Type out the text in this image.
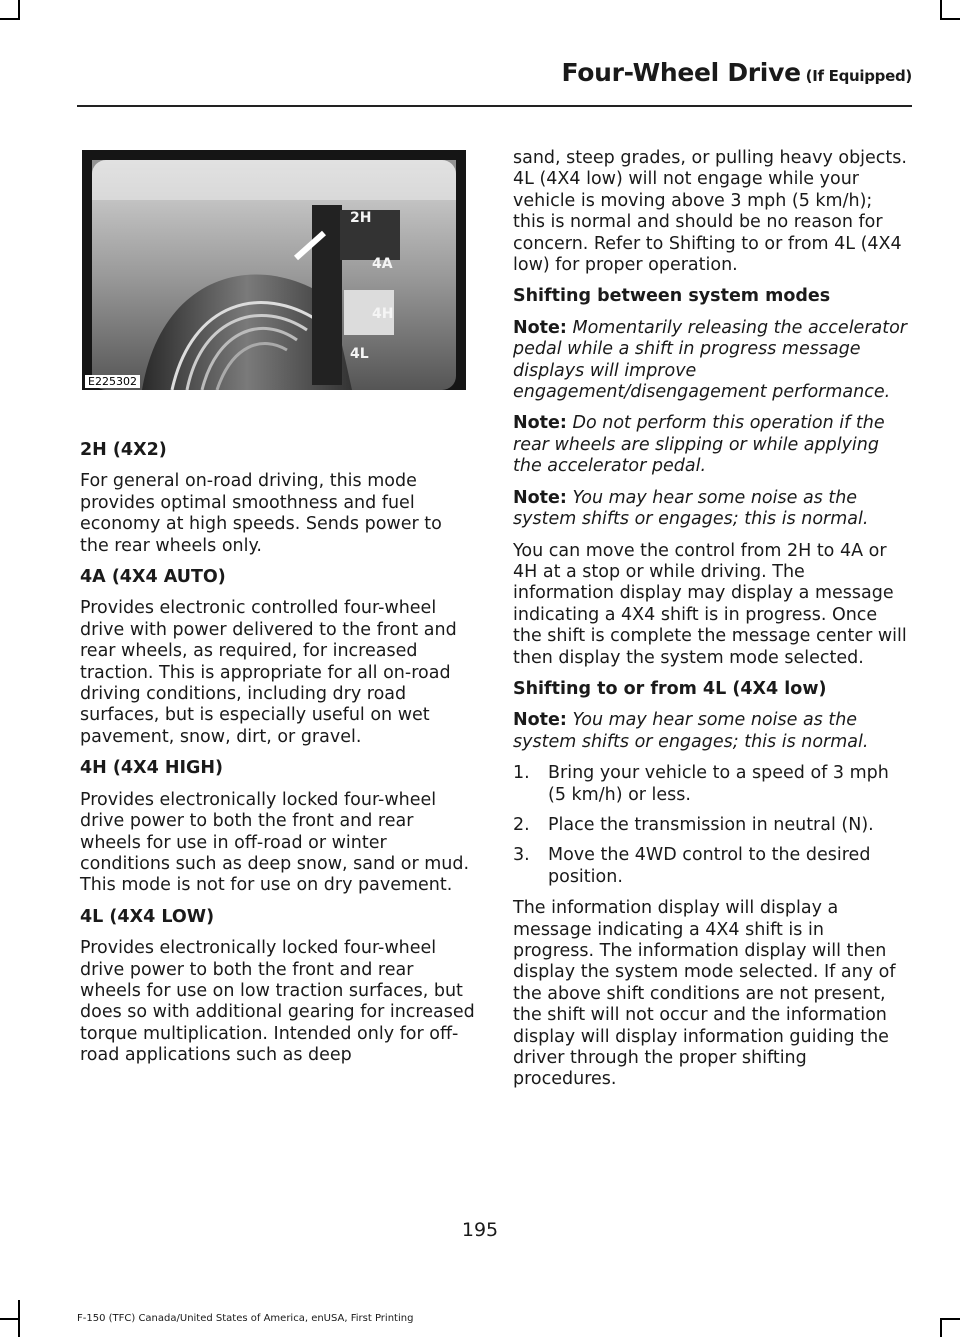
Four-Wheel Drive (If Equipped)
2H
4A
4H
4L
E225302
2H (4X2)

For general on-road driving, this mode provides optimal smoothness and fuel economy at high speeds. Sends power to the rear wheels only.

4A (4X4 AUTO)

Provides electronic controlled four-wheel drive with power delivered to the front and rear wheels, as required, for increased traction. This is appropriate for all on-road driving conditions, including dry road surfaces, but is especially useful on wet pavement, snow, dirt, or gravel.

4H (4X4 HIGH)

Provides electronically locked four-wheel drive power to both the front and rear wheels for use in off-road or winter conditions such as deep snow, sand or mud. This mode is not for use on dry pavement.

4L (4X4 LOW)

Provides electronically locked four-wheel drive power to both the front and rear wheels for use on low traction surfaces, but does so with additional gearing for increased torque multiplication. Intended only for off-road applications such as deep

sand, steep grades, or pulling heavy objects. 4L (4X4 low) will not engage while your vehicle is moving above 3 mph (5 km/h); this is normal and should be no reason for concern. Refer to Shifting to or from 4L (4X4 low) for proper operation.

Shifting between system modes

Note: Momentarily releasing the accelerator pedal while a shift in progress message displays will improve engagement/disengagement performance.

Note: Do not perform this operation if the rear wheels are slipping or while applying the accelerator pedal.

Note: You may hear some noise as the system shifts or engages; this is normal.

You can move the control from 2H to 4A or 4H at a stop or while driving. The information display may display a message indicating a 4X4 shift is in progress. Once the shift is complete the message center will then display the system mode selected.

Shifting to or from 4L (4X4 low)

Note: You may hear some noise as the system shifts or engages; this is normal.

1. Bring your vehicle to a speed of 3 mph (5 km/h) or less.
2. Place the transmission in neutral (N).
3. Move the 4WD control to the desired position.

The information display will display a message indicating a 4X4 shift is in progress. The information display will then display the system mode selected. If any of the above shift conditions are not present, the shift will not occur and the information display will display information guiding the driver through the proper shifting procedures.

195
F-150 (TFC) Canada/United States of America, enUSA, First Printing
